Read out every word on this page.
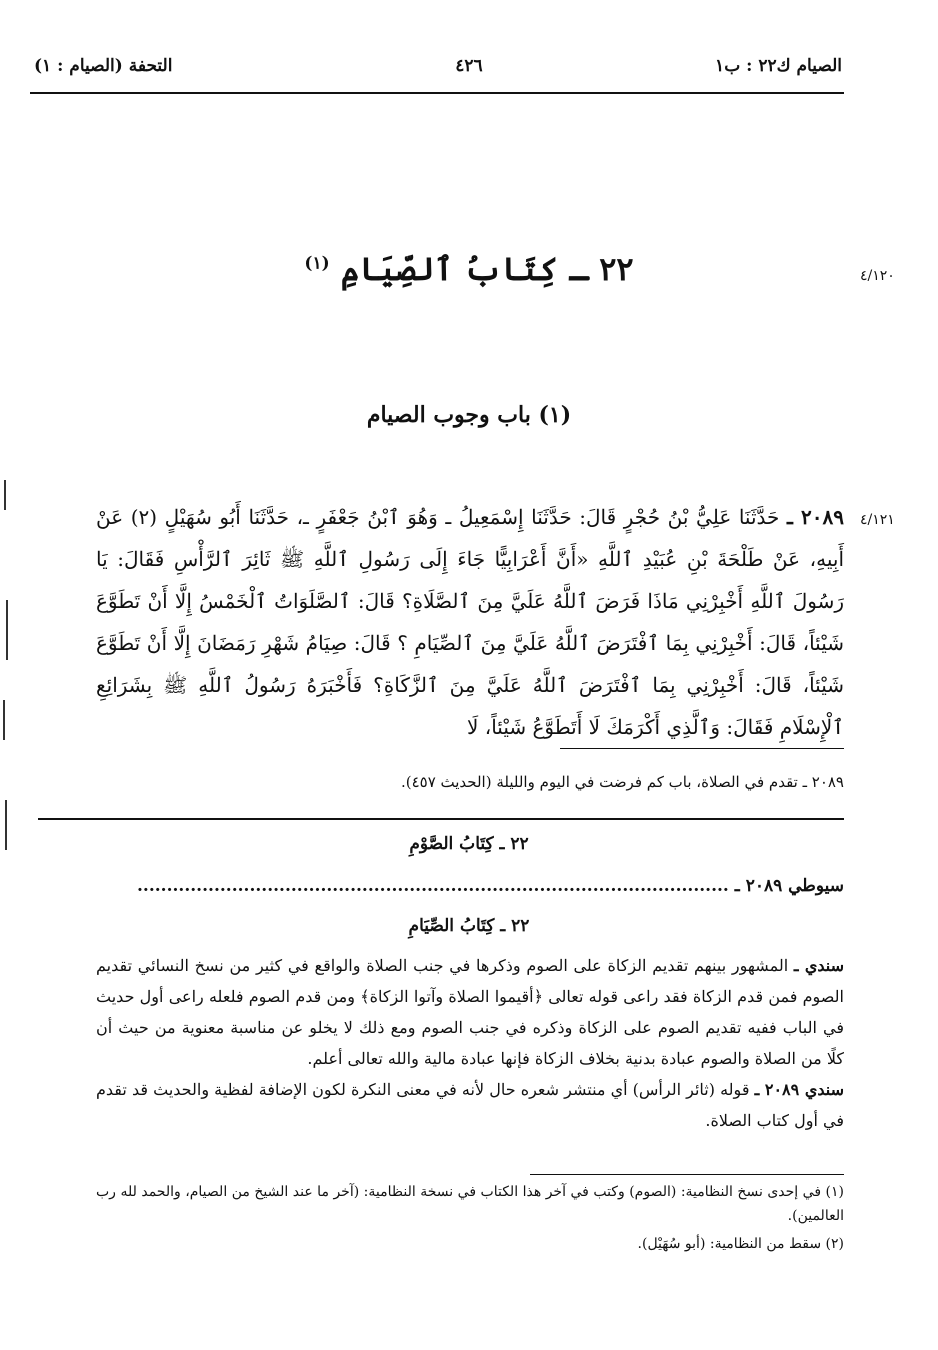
الصيام ك٢٢ : ب١
٤٢٦
التحفة (الصيام : ١)
٢٢ ـ كِتَابُ ٱلصِّيَامِ $^{(١)}$
٤/١٢٠
(١) باب وجوب الصيام
٤/١٢١
٢٠٨٩ ـ حَدَّثَنَا عَلِيُّ بْنُ حُجْرٍ قَالَ: حَدَّثَنَا إِسْمَعِيلُ ـ وَهُوَ ٱبْنُ جَعْفَرٍ ـ، حَدَّثَنَا أَبُو سُهَيْلٍ (٢) عَنْ أَبِيهِ، عَنْ طَلْحَةَ بْنِ عُبَيْدِ ٱللَّهِ «أَنَّ أَعْرَابِيًّا جَاءَ إِلَى رَسُولِ ٱللَّهِ ﷺ ثَائِرَ ٱلرَّأْسِ فَقَالَ: يَا رَسُولَ ٱللَّهِ أَخْبِرْنِي مَاذَا فَرَضَ ٱللَّهُ عَلَيَّ مِنَ ٱلصَّلَاةِ؟ قَالَ: ٱلصَّلَوَاتُ ٱلْخَمْسُ إِلَّا أَنْ تَطَوَّعَ شَيْئاً، قَالَ: أَخْبِرْنِي بِمَا ٱفْتَرَضَ ٱللَّهُ عَلَيَّ مِنَ ٱلصِّيَامِ ؟ قَالَ: صِيَامُ شَهْرِ رَمَضَانَ إِلَّا أَنْ تَطَوَّعَ شَيْئاً، قَالَ: أَخْبِرْنِي بِمَا ٱفْتَرَضَ ٱللَّهُ عَلَيَّ مِنَ ٱلزَّكَاةِ؟ فَأَخْبَرَهُ رَسُولُ ٱللَّهِ ﷺ بِشَرَائِعِ ٱلْإِسْلَامِ فَقَالَ: وَٱلَّذِي أَكْرَمَكَ لَا أَتَطَوَّعُ شَيْئاً، لَا
٢٠٨٩ ـ تقدم في الصلاة، باب كم فرضت في اليوم والليلة (الحديث ٤٥٧).
٢٢ ـ كِتَابُ الصَّوْمِ
سيوطي ٢٠٨٩ ـ ....................................................................................................
٢٢ ـ كِتَابُ الصِّيَامِ

سندي ـ المشهور بينهم تقديم الزكاة على الصوم وذكرها في جنب الصلاة والواقع في كثير من نسخ النسائي تقديم الصوم فمن قدم الزكاة فقد راعى قوله تعالى ﴿أقيموا الصلاة وآتوا الزكاة﴾ ومن قدم الصوم فلعله راعى أول حديث في الباب ففيه تقديم الصوم على الزكاة وذكره في جنب الصوم ومع ذلك لا يخلو عن مناسبة معنوية من حيث أن كلًا من الصلاة والصوم عبادة بدنية بخلاف الزكاة فإنها عبادة مالية والله تعالى أعلم.

سندي ٢٠٨٩ ـ قوله (ثائر الرأس) أي منتشر شعره حال لأنه في معنى النكرة لكون الإضافة لفظية والحديث قد تقدم في أول كتاب الصلاة.

(١) في إحدى نسخ النظامية: (الصوم) وكتب في آخر هذا الكتاب في نسخة النظامية: (آخر ما عند الشيخ من الصيام، والحمد لله رب العالمين).

(٢) سقط من النظامية: (أبو سُهَيْل).
